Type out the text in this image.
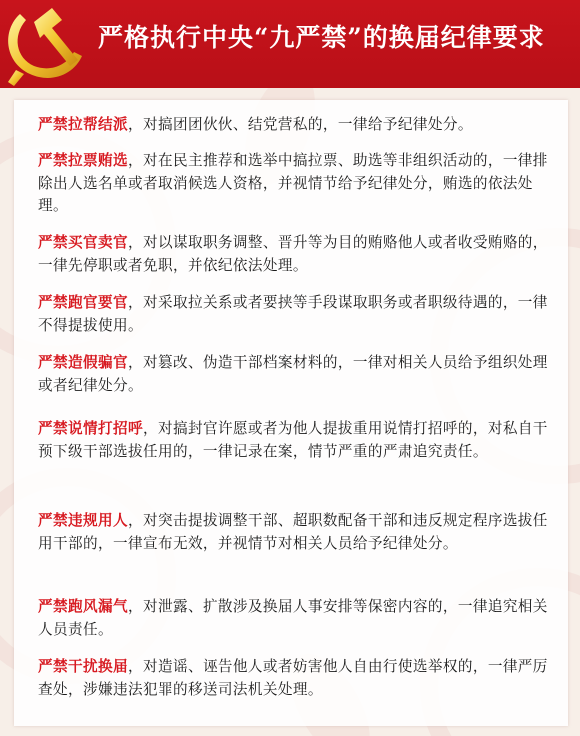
严格执行中央“九严禁”的换届纪律要求
严禁拉帮结派，对搞团团伙伙、结党营私的，一律给予纪律处分。
严禁拉票贿选，对在民主推荐和选举中搞拉票、助选等非组织活动的，一律排除出人选名单或者取消候选人资格，并视情节给予纪律处分，贿选的依法处理。
严禁买官卖官，对以谋取职务调整、晋升等为目的贿赂他人或者收受贿赂的，一律先停职或者免职，并依纪依法处理。
严禁跑官要官，对采取拉关系或者要挟等手段谋取职务或者职级待遇的，一律不得提拔使用。
严禁造假骗官，对篡改、伪造干部档案材料的，一律对相关人员给予组织处理或者纪律处分。
严禁说情打招呼，对搞封官许愿或者为他人提拔重用说情打招呼的，对私自干预下级干部选拔任用的，一律记录在案，情节严重的严肃追究责任。
严禁违规用人，对突击提拔调整干部、超职数配备干部和违反规定程序选拔任用干部的，一律宣布无效，并视情节对相关人员给予纪律处分。
严禁跑风漏气，对泄露、扩散涉及换届人事安排等保密内容的，一律追究相关人员责任。
严禁干扰换届，对造谣、诬告他人或者妨害他人自由行使选举权的，一律严厉查处，涉嫌违法犯罪的移送司法机关处理。
